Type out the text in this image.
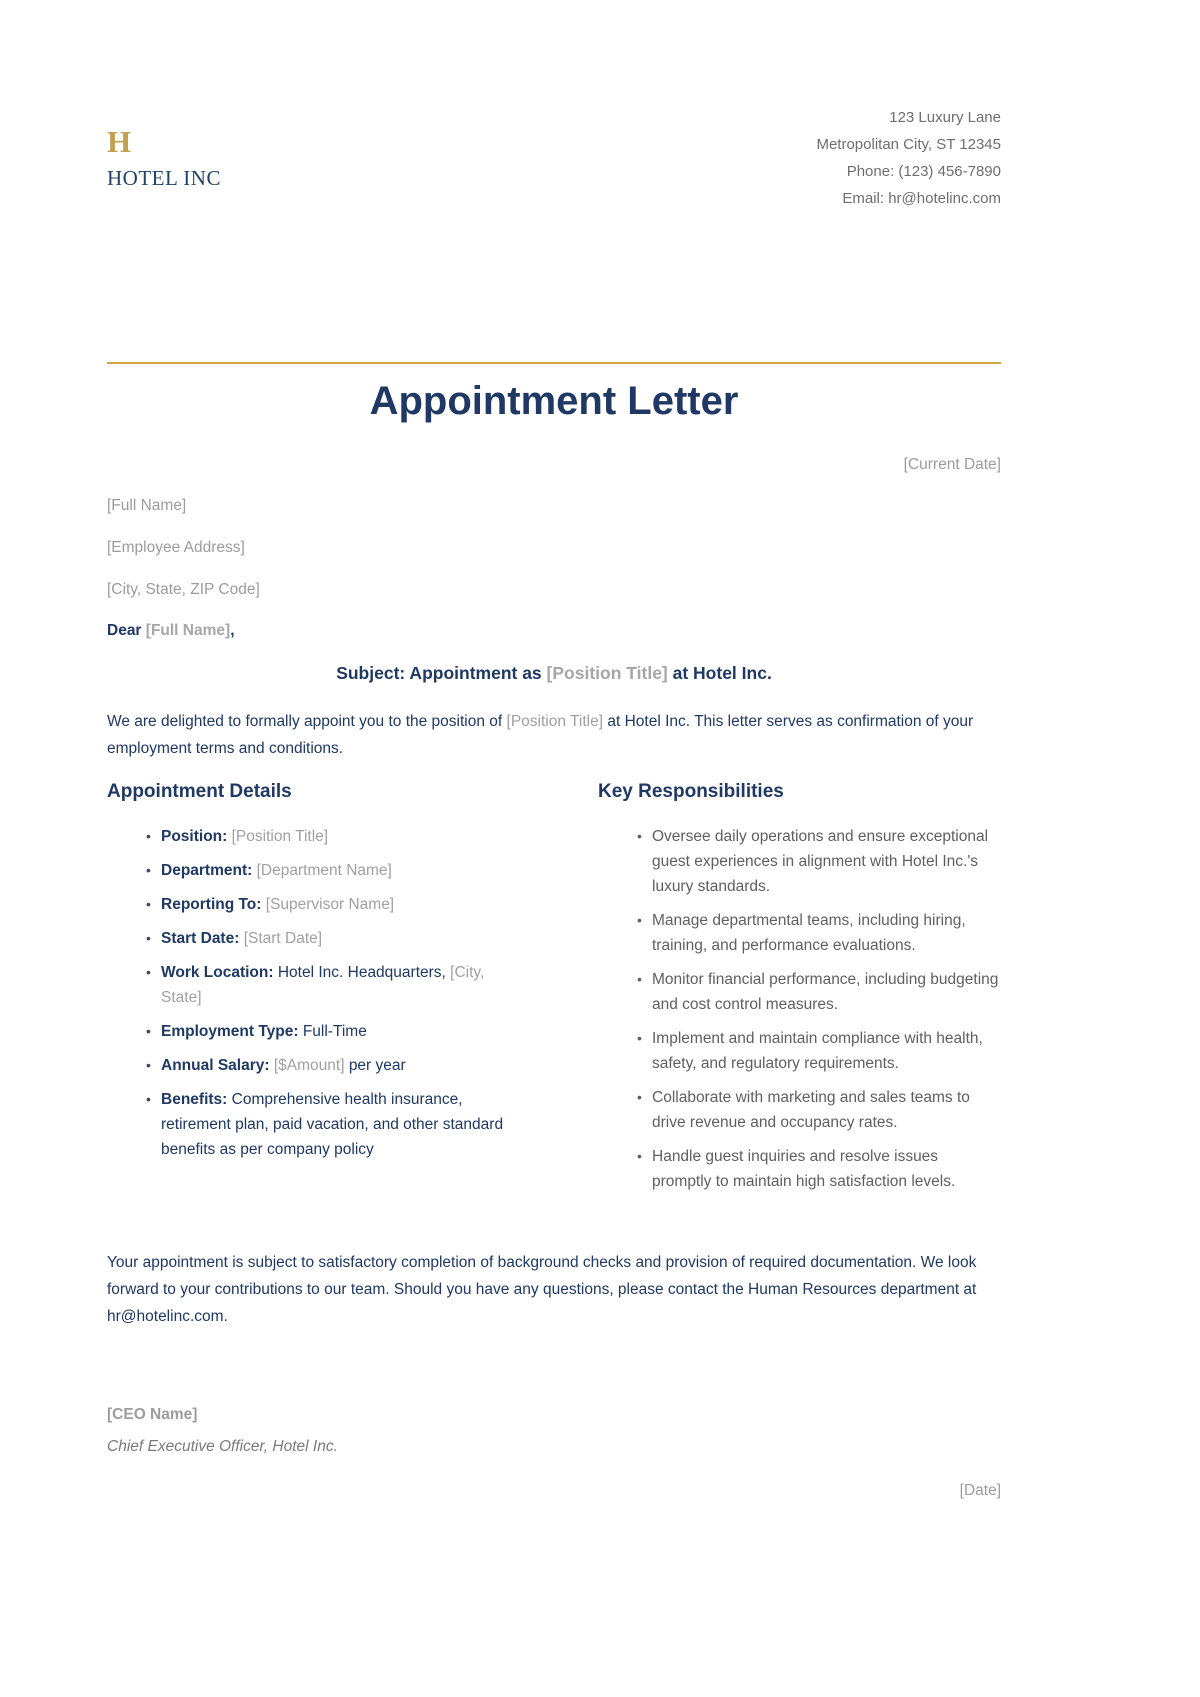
H
HOTEL INC
123 Luxury Lane
Metropolitan City, ST 12345
Phone: (123) 456-7890
Email: hr@hotelinc.com
Appointment Letter
[Current Date]

[Full Name]

[Employee Address]

[City, State, ZIP Code]

Dear [Full Name],

Subject: Appointment as [Position Title] at Hotel Inc.

We are delighted to formally appoint you to the position of [Position Title] at Hotel Inc. This letter serves as confirmation of your employment terms and conditions.

Appointment Details
• Position: [Position Title]
• Department: [Department Name]
• Reporting To: [Supervisor Name]
• Start Date: [Start Date]
• Work Location: Hotel Inc. Headquarters, [City, State]
• Employment Type: Full-Time
• Annual Salary: [$Amount] per year
• Benefits: Comprehensive health insurance, retirement plan, paid vacation, and other standard benefits as per company policy
Key Responsibilities
• Oversee daily operations and ensure exceptional guest experiences in alignment with Hotel Inc.'s luxury standards.
• Manage departmental teams, including hiring, training, and performance evaluations.
• Monitor financial performance, including budgeting and cost control measures.
• Implement and maintain compliance with health, safety, and regulatory requirements.
• Collaborate with marketing and sales teams to drive revenue and occupancy rates.
• Handle guest inquiries and resolve issues promptly to maintain high satisfaction levels.

Your appointment is subject to satisfactory completion of background checks and provision of required documentation. We look forward to your contributions to our team. Should you have any questions, please contact the Human Resources department at hr@hotelinc.com.

[CEO Name]
Chief Executive Officer, Hotel Inc.
[Date]
